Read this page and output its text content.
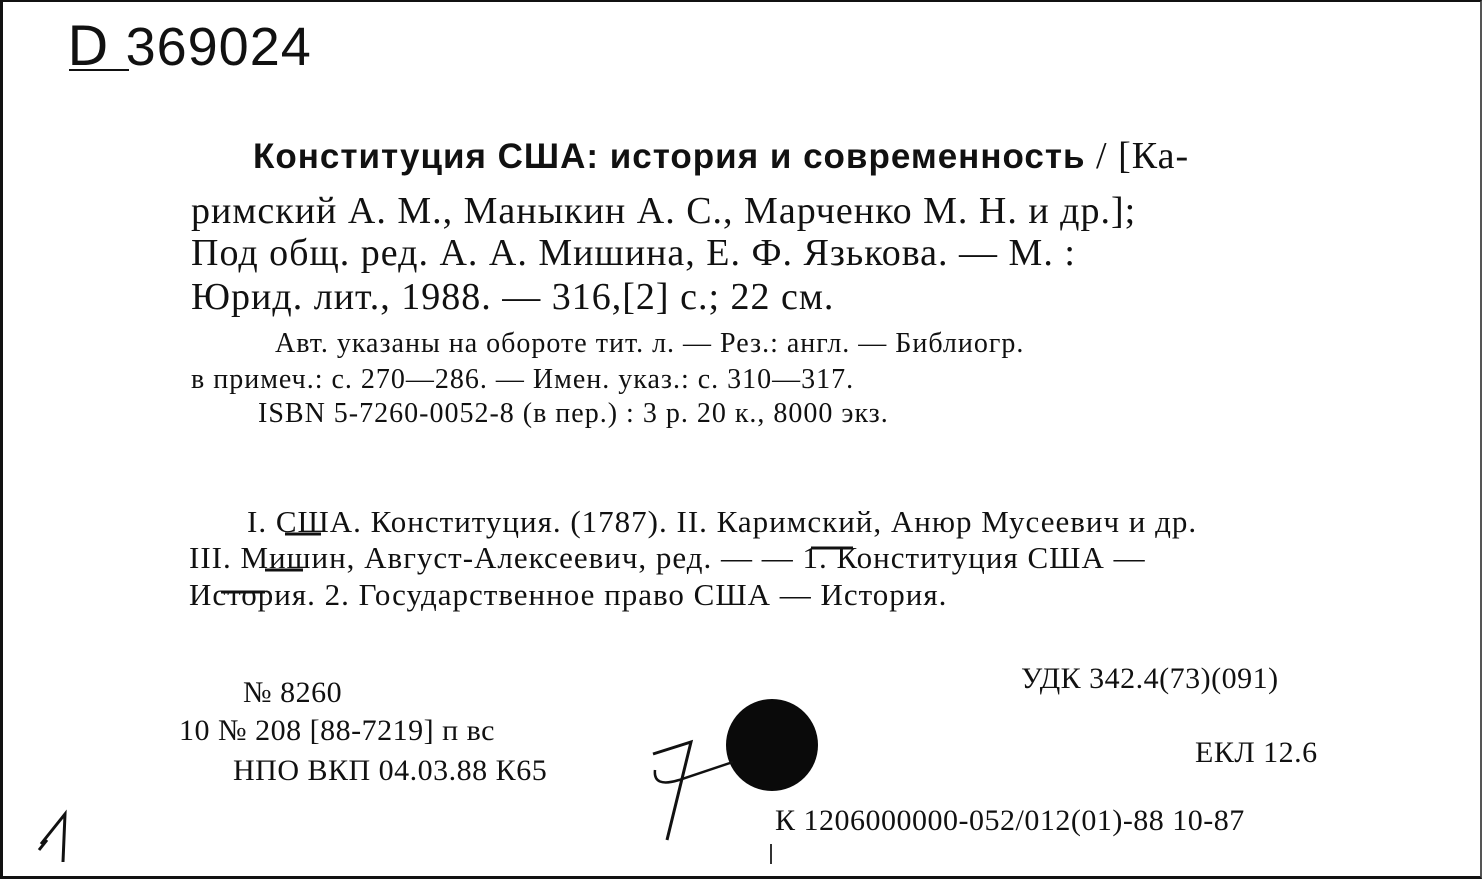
Ⅾ 369024
Конституция США: история и современность / [Ка-
римский А. М., Маныкин А. С., Марченко М. Н. и др.];
Под общ. ред. А. А. Мишина, Е. Ф. Язькова. — М. :
Юрид. лит., 1988. — 316,[2] с.; 22 см.
Авт. указаны на обороте тит. л. — Рез.: англ. — Библиогр.
в примеч.: с. 270—286. — Имен. указ.: с. 310—317.
ISBN 5-7260-0052-8 (в пер.) : 3 р. 20 к., 8000 экз.
I. США. Конституция. (1787). II. Каримский, Анюр Мусеевич и др.
III. Мишин, Август-Алексеевич, ред. — — 1. Конституция США —
История. 2. Государственное право США — История.
№ 8260
10 № 208 [88-7219] п вс
НПО ВКП 04.03.88 К65
УДК 342.4(73)(091)
ЕКЛ 12.6
К 1206000000-052/012(01)-88 10-87
